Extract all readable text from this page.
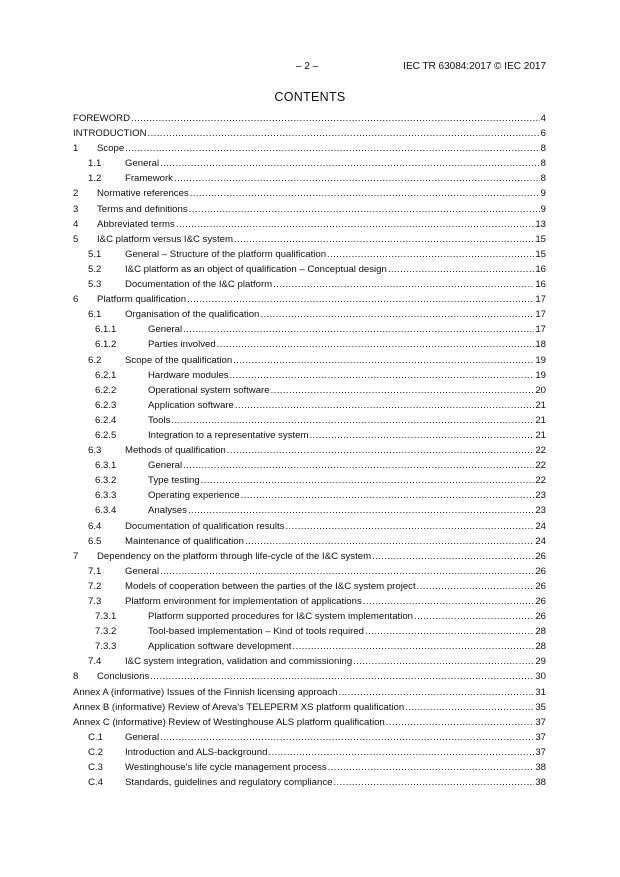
– 2 –	IEC TR 63084:2017 © IEC 2017
CONTENTS
FOREWORD .....	4
INTRODUCTION .....	6
1	Scope .....	8
1.1	General .....	8
1.2	Framework .....	8
2	Normative references .....	9
3	Terms and definitions .....	9
4	Abbreviated terms .....	13
5	I&C platform versus I&C system .....	15
5.1	General – Structure of the platform qualification .....	15
5.2	I&C platform as an object of qualification – Conceptual design .....	16
5.3	Documentation of the I&C platform .....	16
6	Platform qualification .....	17
6.1	Organisation of the qualification .....	17
6.1.1	General .....	17
6.1.2	Parties involved .....	18
6.2	Scope of the qualification .....	19
6.2.1	Hardware modules .....	19
6.2.2	Operational system software .....	20
6.2.3	Application software .....	21
6.2.4	Tools .....	21
6.2.5	Integration to a representative system .....	21
6.3	Methods of qualification .....	22
6.3.1	General .....	22
6.3.2	Type testing .....	22
6.3.3	Operating experience .....	23
6.3.4	Analyses .....	23
6.4	Documentation of qualification results .....	24
6.5	Maintenance of qualification .....	24
7	Dependency on the platform through life-cycle of the I&C system .....	26
7.1	General .....	26
7.2	Models of cooperation between the parties of the I&C system project .....	26
7.3	Platform environment for implementation of applications .....	26
7.3.1	Platform supported procedures for I&C system implementation .....	26
7.3.2	Tool-based implementation – Kind of tools required .....	28
7.3.3	Application software development .....	28
7.4	I&C system integration, validation and commissioning .....	29
8	Conclusions .....	30
Annex A (informative) Issues of the Finnish licensing approach .....	31
Annex B (informative) Review of Areva's TELEPERM XS platform qualification .....	35
Annex C (informative) Review of Westinghouse ALS platform qualification .....	37
C.1	General .....	37
C.2	Introduction and ALS-background .....	37
C.3	Westinghouse's life cycle management process .....	38
C.4	Standards, guidelines and regulatory compliance .....	38
